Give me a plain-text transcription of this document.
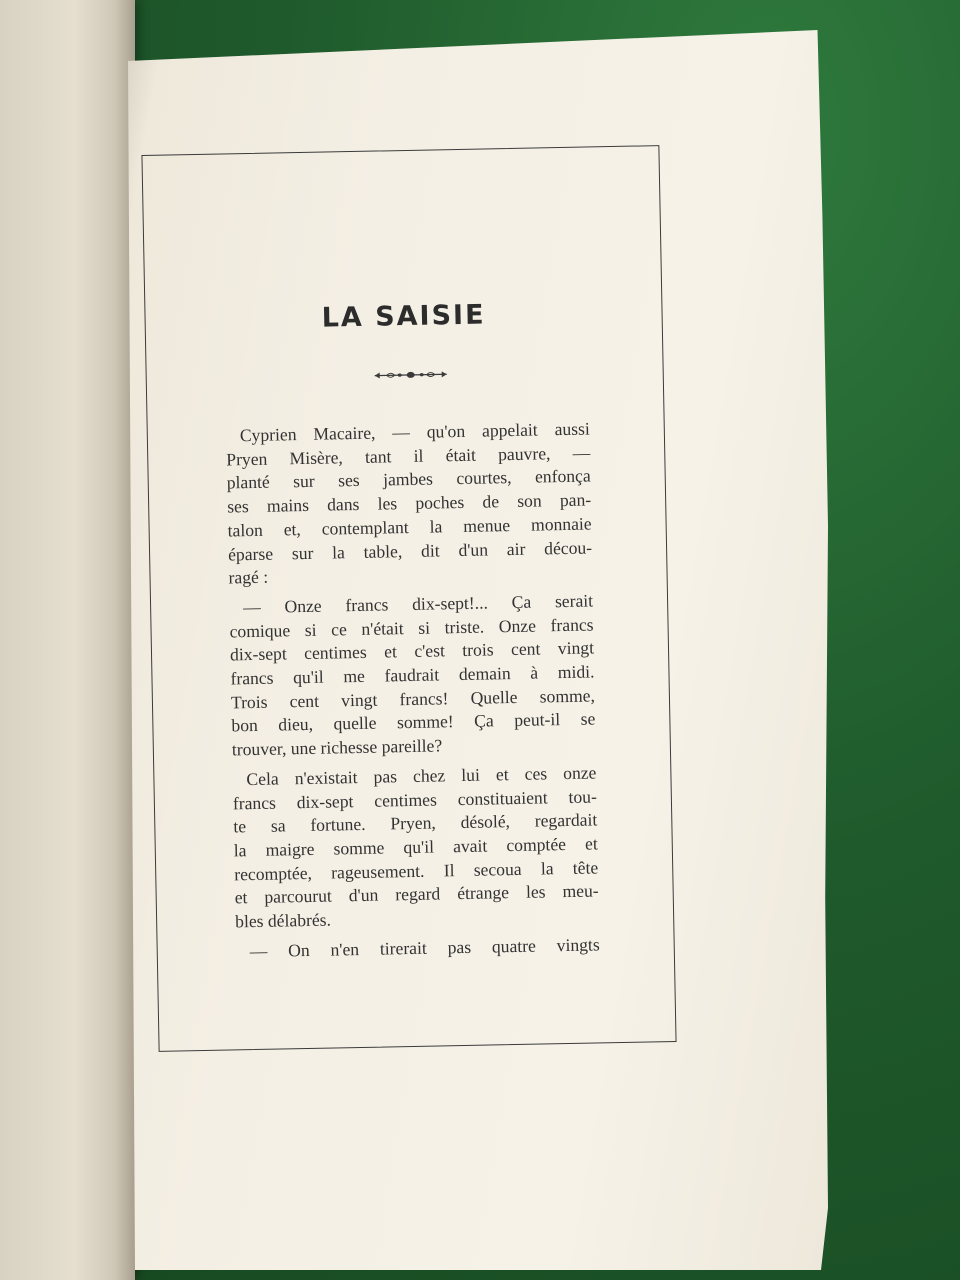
LA SAISIE
Cyprien Macaire, — qu'on appelait aussi
Pryen Misère, tant il était pauvre, —
planté sur ses jambes courtes, enfonça
ses mains dans les poches de son pan-
talon et, contemplant la menue monnaie
éparse sur la table, dit d'un air décou-
ragé :
— Onze francs dix-sept!... Ça serait
comique si ce n'était si triste. Onze francs
dix-sept centimes et c'est trois cent vingt
francs qu'il me faudrait demain à midi.
Trois cent vingt francs! Quelle somme,
bon dieu, quelle somme! Ça peut-il se
trouver, une richesse pareille?
Cela n'existait pas chez lui et ces onze
francs dix-sept centimes constituaient tou-
te sa fortune. Pryen, désolé, regardait
la maigre somme qu'il avait comptée et
recomptée, rageusement. Il secoua la tête
et parcourut d'un regard étrange les meu-
bles délabrés.
— On n'en tirerait pas quatre vingts
